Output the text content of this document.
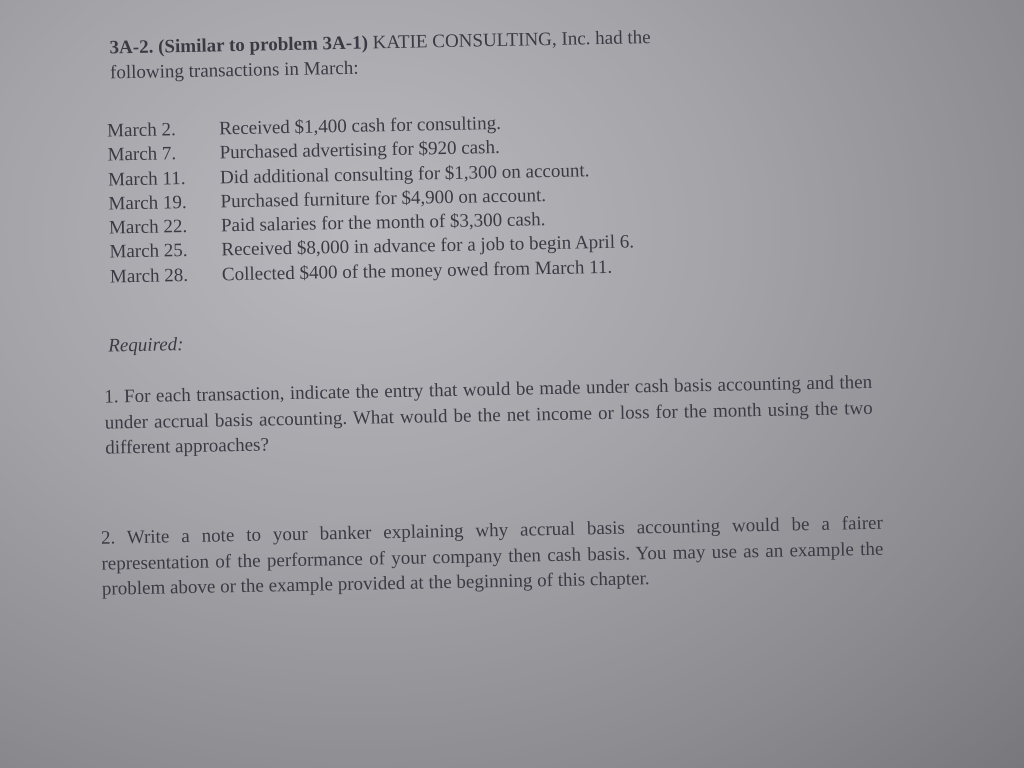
3A-2. (Similar to problem 3A-1) KATIE CONSULTING, Inc. had the
following transactions in March:

March 2.	Received $1,400 cash for consulting.
March 7.	Purchased advertising for $920 cash.
March 11.	Did additional consulting for $1,300 on account.
March 19.	Purchased furniture for $4,900 on account.
March 22.	Paid salaries for the month of $3,300 cash.
March 25.	Received $8,000 in advance for a job to begin April 6.
March 28.	Collected $400 of the money owed from March 11.

Required:

1. For each transaction, indicate the entry that would be made under cash basis accounting and then under accrual basis accounting. What would be the net income or loss for the month using the two different approaches?

2. Write a note to your banker explaining why accrual basis accounting would be a fairer representation of the performance of your company then cash basis. You may use as an example the problem above or the example provided at the beginning of this chapter.
